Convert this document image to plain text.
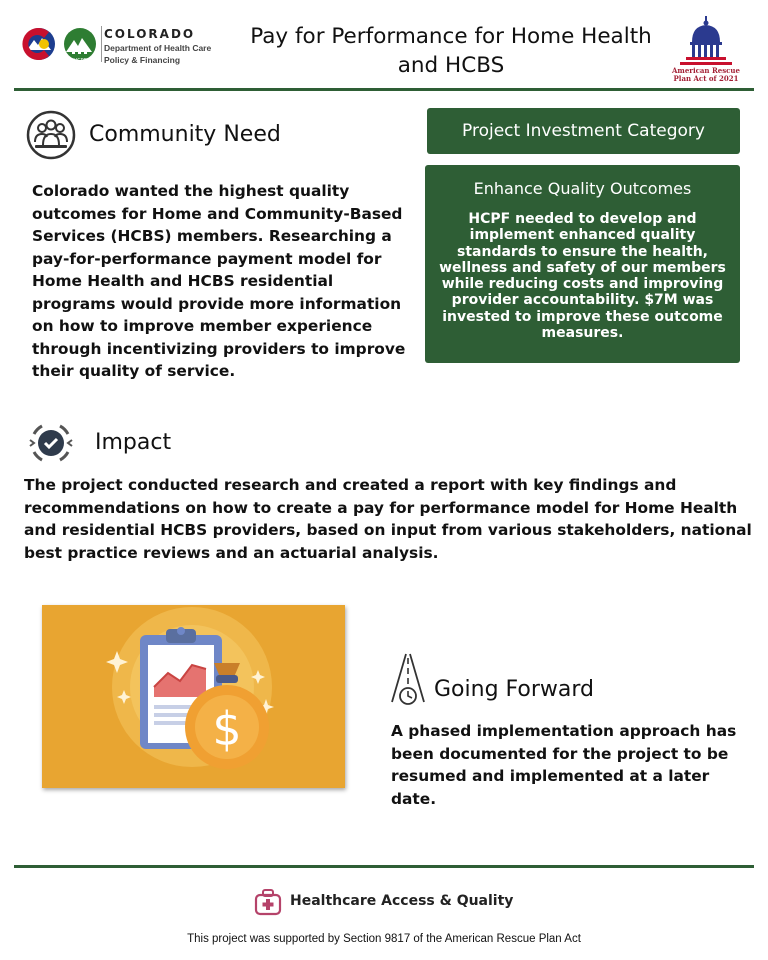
HCPF
COLORADO
Department of Health Care
Policy & Financing
Pay for Performance for Home Health and HCBS	American Rescue
Plan Act of 2021
Community Need
Colorado wanted the highest quality outcomes for Home and Community-Based Services (HCBS) members. Researching a pay-for-performance payment model for Home Health and HCBS residential programs would provide more information on how to improve member experience through incentivizing providers to improve their quality of service.
Project Investment Category
Enhance Quality Outcomes
HCPF needed to develop and implement enhanced quality standards to ensure the health, wellness and safety of our members while reducing costs and improving provider accountability. $7M was invested to improve these outcome measures.
Impact
The project conducted research and created a report with key findings and recommendations on how to create a pay for performance model for Home Health and residential HCBS providers, based on input from various stakeholders, national best practice reviews and an actuarial analysis.
$
Going Forward
A phased implementation approach has been documented for the project to be resumed and implemented at a later date.
Healthcare Access & Quality
This project was supported by Section 9817 of the American Rescue Plan Act
